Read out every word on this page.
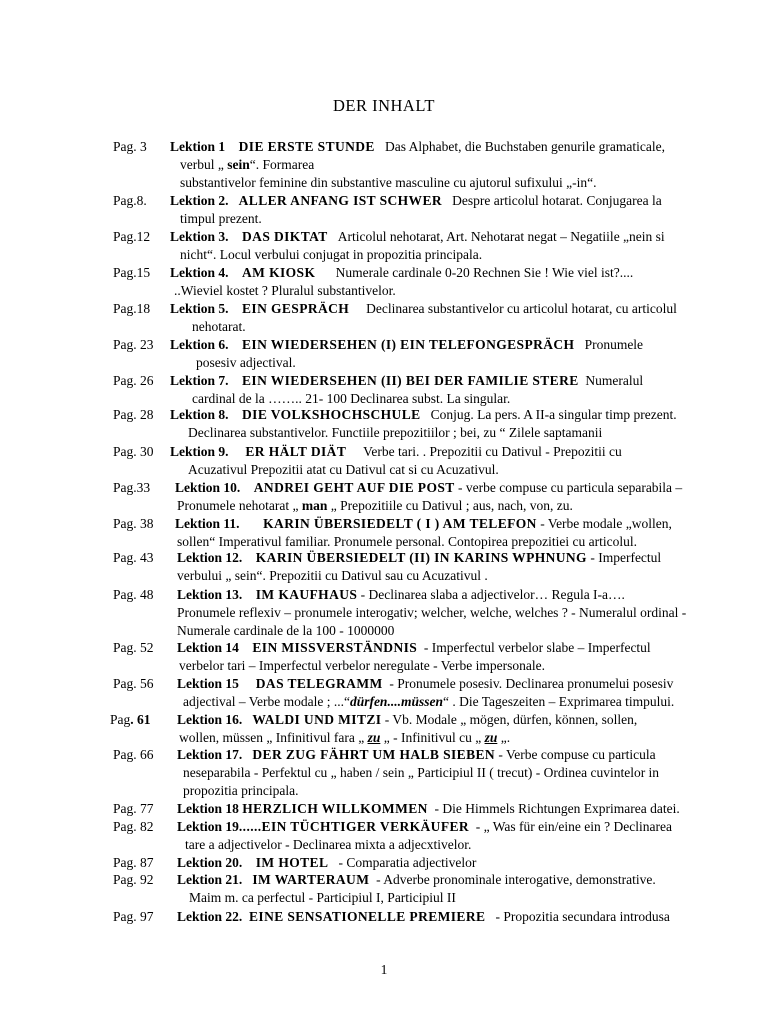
DER INHALT
Pag. 3 Lektion 1 DIE ERSTE STUNDE Das Alphabet, die Buchstaben genurile gramaticale,
verbul „ sein“. Formarea
substantivelor feminine din substantive masculine cu ajutorul sufixului „-in“.
Pag.8. Lektion 2. ALLER ANFANG IST SCHWER Despre articolul hotarat. Conjugarea la
timpul prezent.
Pag.12 Lektion 3. DAS DIKTAT Articolul nehotarat, Art. Nehotarat negat – Negatiile „nein si
nicht“. Locul verbului conjugat in propozitia principala.
Pag.15 Lektion 4. AM KIOSK Numerale cardinale 0-20 Rechnen Sie ! Wie viel ist?....
..Wieviel kostet ? Pluralul substantivelor.
Pag.18 Lektion 5. EIN GESPRÄCH Declinarea substantivelor cu articolul hotarat, cu articolul
nehotarat.
Pag. 23 Lektion 6. EIN WIEDERSEHEN (I) EIN TELEFONGESPRÄCH Pronumele
posesiv adjectival.
Pag. 26 Lektion 7. EIN WIEDERSEHEN (II) BEI DER FAMILIE STERE Numeralul
cardinal de la …….. 21- 100 Declinarea subst. La singular.
Pag. 28 Lektion 8. DIE VOLKSHOCHSCHULE Conjug. La pers. A II-a singular timp prezent.
Declinarea substantivelor. Functiile prepozitiilor ; bei, zu “ Zilele saptamanii
Pag. 30 Lektion 9. ER HÄLT DIÄT Verbe tari. . Prepozitii cu Dativul - Prepozitii cu
Acuzativul Prepozitii atat cu Dativul cat si cu Acuzativul.
Pag.33 Lektion 10. ANDREI GEHT AUF DIE POST - verbe compuse cu particula separabila –
Pronumele nehotarat „ man „ Prepozitiile cu Dativul ; aus, nach, von, zu.
Pag. 38 Lektion 11. KARIN ÜBERSIEDELT ( I ) AM TELEFON - Verbe modale „wollen,
sollen“ Imperativul familiar. Pronumele personal. Contopirea prepozitiei cu articolul.
Pag. 43 Lektion 12. KARIN ÜBERSIEDELT (II) IN KARINS WPHNUNG - Imperfectul
verbului „ sein“. Prepozitii cu Dativul sau cu Acuzativul .
Pag. 48 Lektion 13. IM KAUFHAUS - Declinarea slaba a adjectivelor… Regula I-a….
Pronumele reflexiv – pronumele interogativ; welcher, welche, welches ? - Numeralul ordinal -
Numerale cardinale de la 100 - 1000000
Pag. 52 Lektion 14 EIN MISSVERSTÄNDNIS - Imperfectul verbelor slabe – Imperfectul
verbelor tari – Imperfectul verbelor neregulate - Verbe impersonale.
Pag. 56 Lektion 15 DAS TELEGRAMM - Pronumele posesiv. Declinarea pronumelui posesiv
adjectival – Verbe modale ; ...“dürfen....müssen“ . Die Tageszeiten – Exprimarea timpului.
Pag. 61 Lektion 16. WALDI UND MITZI - Vb. Modale „ mögen, dürfen, können, sollen,
wollen, müssen „ Infinitivul fara „ zu „ - Infinitivul cu „ zu „.
Pag. 66 Lektion 17. DER ZUG FÄHRT UM HALB SIEBEN - Verbe compuse cu particula
neseparabila - Perfektul cu „ haben / sein „ Participiul II ( trecut) - Ordinea cuvintelor in
propozitia principala.
Pag. 77 Lektion 18 HERZLICH WILLKOMMEN - Die Himmels Richtungen Exprimarea datei.
Pag. 82 Lektion 19......EIN TÜCHTIGER VERKÄUFER - „ Was für ein/eine ein ? Declinarea
tare a adjectivelor - Declinarea mixta a adjecxtivelor.
Pag. 87 Lektion 20. IM HOTEL - Comparatia adjectivelor
Pag. 92 Lektion 21. IM WARTERAUM - Adverbe pronominale interogative, demonstrative.
Maim m. ca perfectul - Participiul I, Participiul II
Pag. 97 Lektion 22. EINE SENSATIONELLE PREMIERE - Propozitia secundara introdusa
1
